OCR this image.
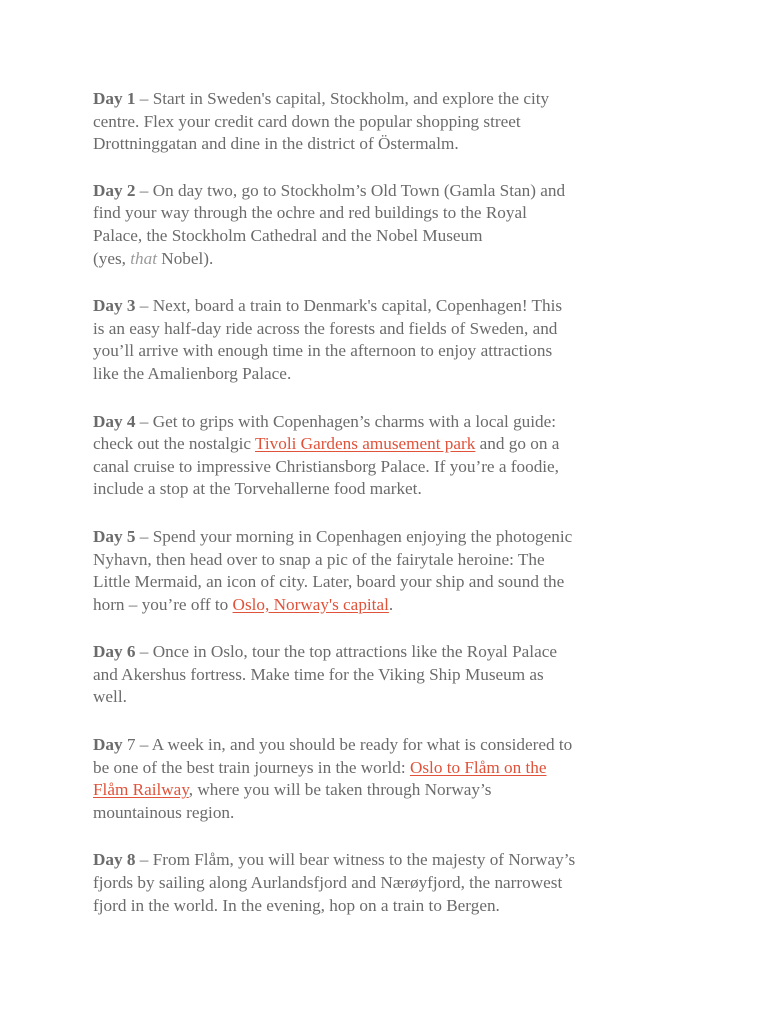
Day 1 – Start in Sweden's capital, Stockholm, and explore the city
centre. Flex your credit card down the popular shopping street
Drottninggatan and dine in the district of Östermalm.

Day 2 – On day two, go to Stockholm’s Old Town (Gamla Stan) and
find your way through the ochre and red buildings to the Royal
Palace, the Stockholm Cathedral and the Nobel Museum
(yes, that Nobel).

Day 3 – Next, board a train to Denmark's capital, Copenhagen! This
is an easy half-day ride across the forests and fields of Sweden, and
you’ll arrive with enough time in the afternoon to enjoy attractions
like the Amalienborg Palace.

Day 4 – Get to grips with Copenhagen’s charms with a local guide:
check out the nostalgic Tivoli Gardens amusement park and go on a
canal cruise to impressive Christiansborg Palace. If you’re a foodie,
include a stop at the Torvehallerne food market.

Day 5 – Spend your morning in Copenhagen enjoying the photogenic
Nyhavn, then head over to snap a pic of the fairytale heroine: The
Little Mermaid, an icon of city. Later, board your ship and sound the
horn – you’re off to Oslo, Norway's capital.

Day 6 – Once in Oslo, tour the top attractions like the Royal Palace
and Akershus fortress. Make time for the Viking Ship Museum as
well.

Day 7 – A week in, and you should be ready for what is considered to
be one of the best train journeys in the world: Oslo to Flåm on the
Flåm Railway, where you will be taken through Norway’s
mountainous region.

Day 8 – From Flåm, you will bear witness to the majesty of Norway’s
fjords by sailing along Aurlandsfjord and Nærøyfjord, the narrowest
fjord in the world. In the evening, hop on a train to Bergen.
